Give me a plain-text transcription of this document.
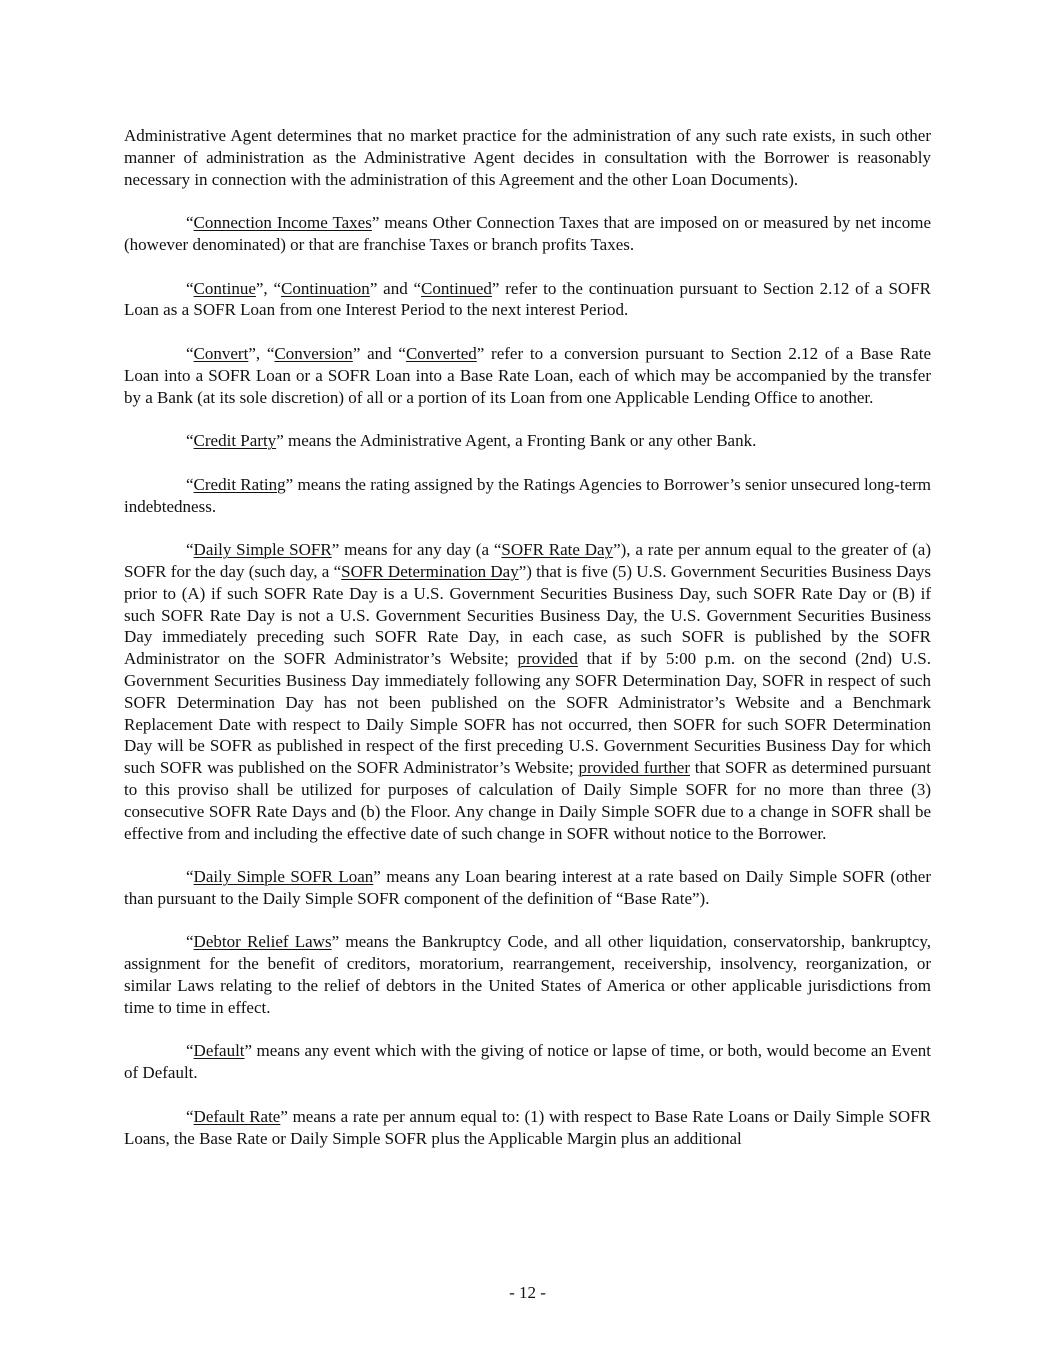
Administrative Agent determines that no market practice for the administration of any such rate exists, in such other manner of administration as the Administrative Agent decides in consultation with the Borrower is reasonably necessary in connection with the administration of this Agreement and the other Loan Documents).

“Connection Income Taxes” means Other Connection Taxes that are imposed on or measured by net income (however denominated) or that are franchise Taxes or branch profits Taxes.

“Continue”, “Continuation” and “Continued” refer to the continuation pursuant to Section 2.12 of a SOFR Loan as a SOFR Loan from one Interest Period to the next interest Period.

“Convert”, “Conversion” and “Converted” refer to a conversion pursuant to Section 2.12 of a Base Rate Loan into a SOFR Loan or a SOFR Loan into a Base Rate Loan, each of which may be accompanied by the transfer by a Bank (at its sole discretion) of all or a portion of its Loan from one Applicable Lending Office to another.

“Credit Party” means the Administrative Agent, a Fronting Bank or any other Bank.

“Credit Rating” means the rating assigned by the Ratings Agencies to Borrower’s senior unsecured long-term indebtedness.

“Daily Simple SOFR” means for any day (a “SOFR Rate Day”), a rate per annum equal to the greater of (a) SOFR for the day (such day, a “SOFR Determination Day”) that is five (5) U.S. Government Securities Business Days prior to (A) if such SOFR Rate Day is a U.S. Government Securities Business Day, such SOFR Rate Day or (B) if such SOFR Rate Day is not a U.S. Government Securities Business Day, the U.S. Government Securities Business Day immediately preceding such SOFR Rate Day, in each case, as such SOFR is published by the SOFR Administrator on the SOFR Administrator’s Website; provided that if by 5:00 p.m. on the second (2nd) U.S. Government Securities Business Day immediately following any SOFR Determination Day, SOFR in respect of such SOFR Determination Day has not been published on the SOFR Administrator’s Website and a Benchmark Replacement Date with respect to Daily Simple SOFR has not occurred, then SOFR for such SOFR Determination Day will be SOFR as published in respect of the first preceding U.S. Government Securities Business Day for which such SOFR was published on the SOFR Administrator’s Website; provided further that SOFR as determined pursuant to this proviso shall be utilized for purposes of calculation of Daily Simple SOFR for no more than three (3) consecutive SOFR Rate Days and (b) the Floor. Any change in Daily Simple SOFR due to a change in SOFR shall be effective from and including the effective date of such change in SOFR without notice to the Borrower.

“Daily Simple SOFR Loan” means any Loan bearing interest at a rate based on Daily Simple SOFR (other than pursuant to the Daily Simple SOFR component of the definition of “Base Rate”).

“Debtor Relief Laws” means the Bankruptcy Code, and all other liquidation, conservatorship, bankruptcy, assignment for the benefit of creditors, moratorium, rearrangement, receivership, insolvency, reorganization, or similar Laws relating to the relief of debtors in the United States of America or other applicable jurisdictions from time to time in effect.

“Default” means any event which with the giving of notice or lapse of time, or both, would become an Event of Default.

“Default Rate” means a rate per annum equal to: (1) with respect to Base Rate Loans or Daily Simple SOFR Loans, the Base Rate or Daily Simple SOFR plus the Applicable Margin plus an additional

- 12 -
